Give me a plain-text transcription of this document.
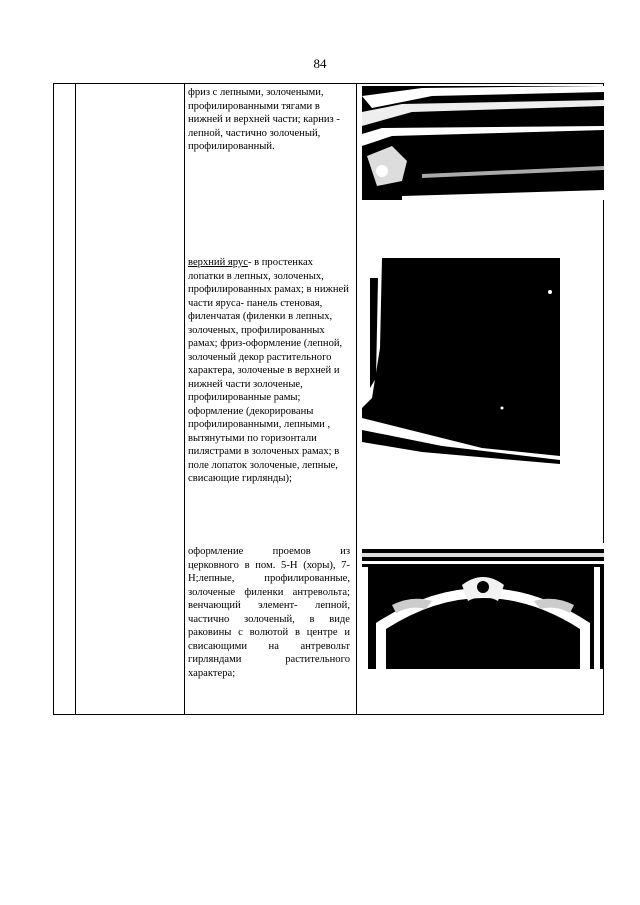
84
фриз с лепными, золочеными, профилированными тягами в нижней и верхней части; карниз - лепной, частично золоченый, профилированный.
верхний ярус- в простенках лопатки в лепных, золоченых, профилированных рамах; в нижней части яруса- панель стеновая, филенчатая (филенки в лепных, золоченых, профилированных рамах; фриз-оформление (лепной, золоченый декор растительного характера, золоченые в верхней и нижней части золоченые, профилированные рамы; оформление (декорированы профилированными, лепными , вытянутыми по горизонтали пилястрами в золоченых рамах; в поле лопаток золоченые, лепные, свисающие гирлянды);
оформление проемов из церковного в пом. 5-Н (хоры), 7-Н;лепные, профилированные, золоченые филенки антревольта; венчающий элемент- лепной, частично золоченый, в виде раковины с волютой в центре и свисающими на антревольт гирляндами растительного характера;
